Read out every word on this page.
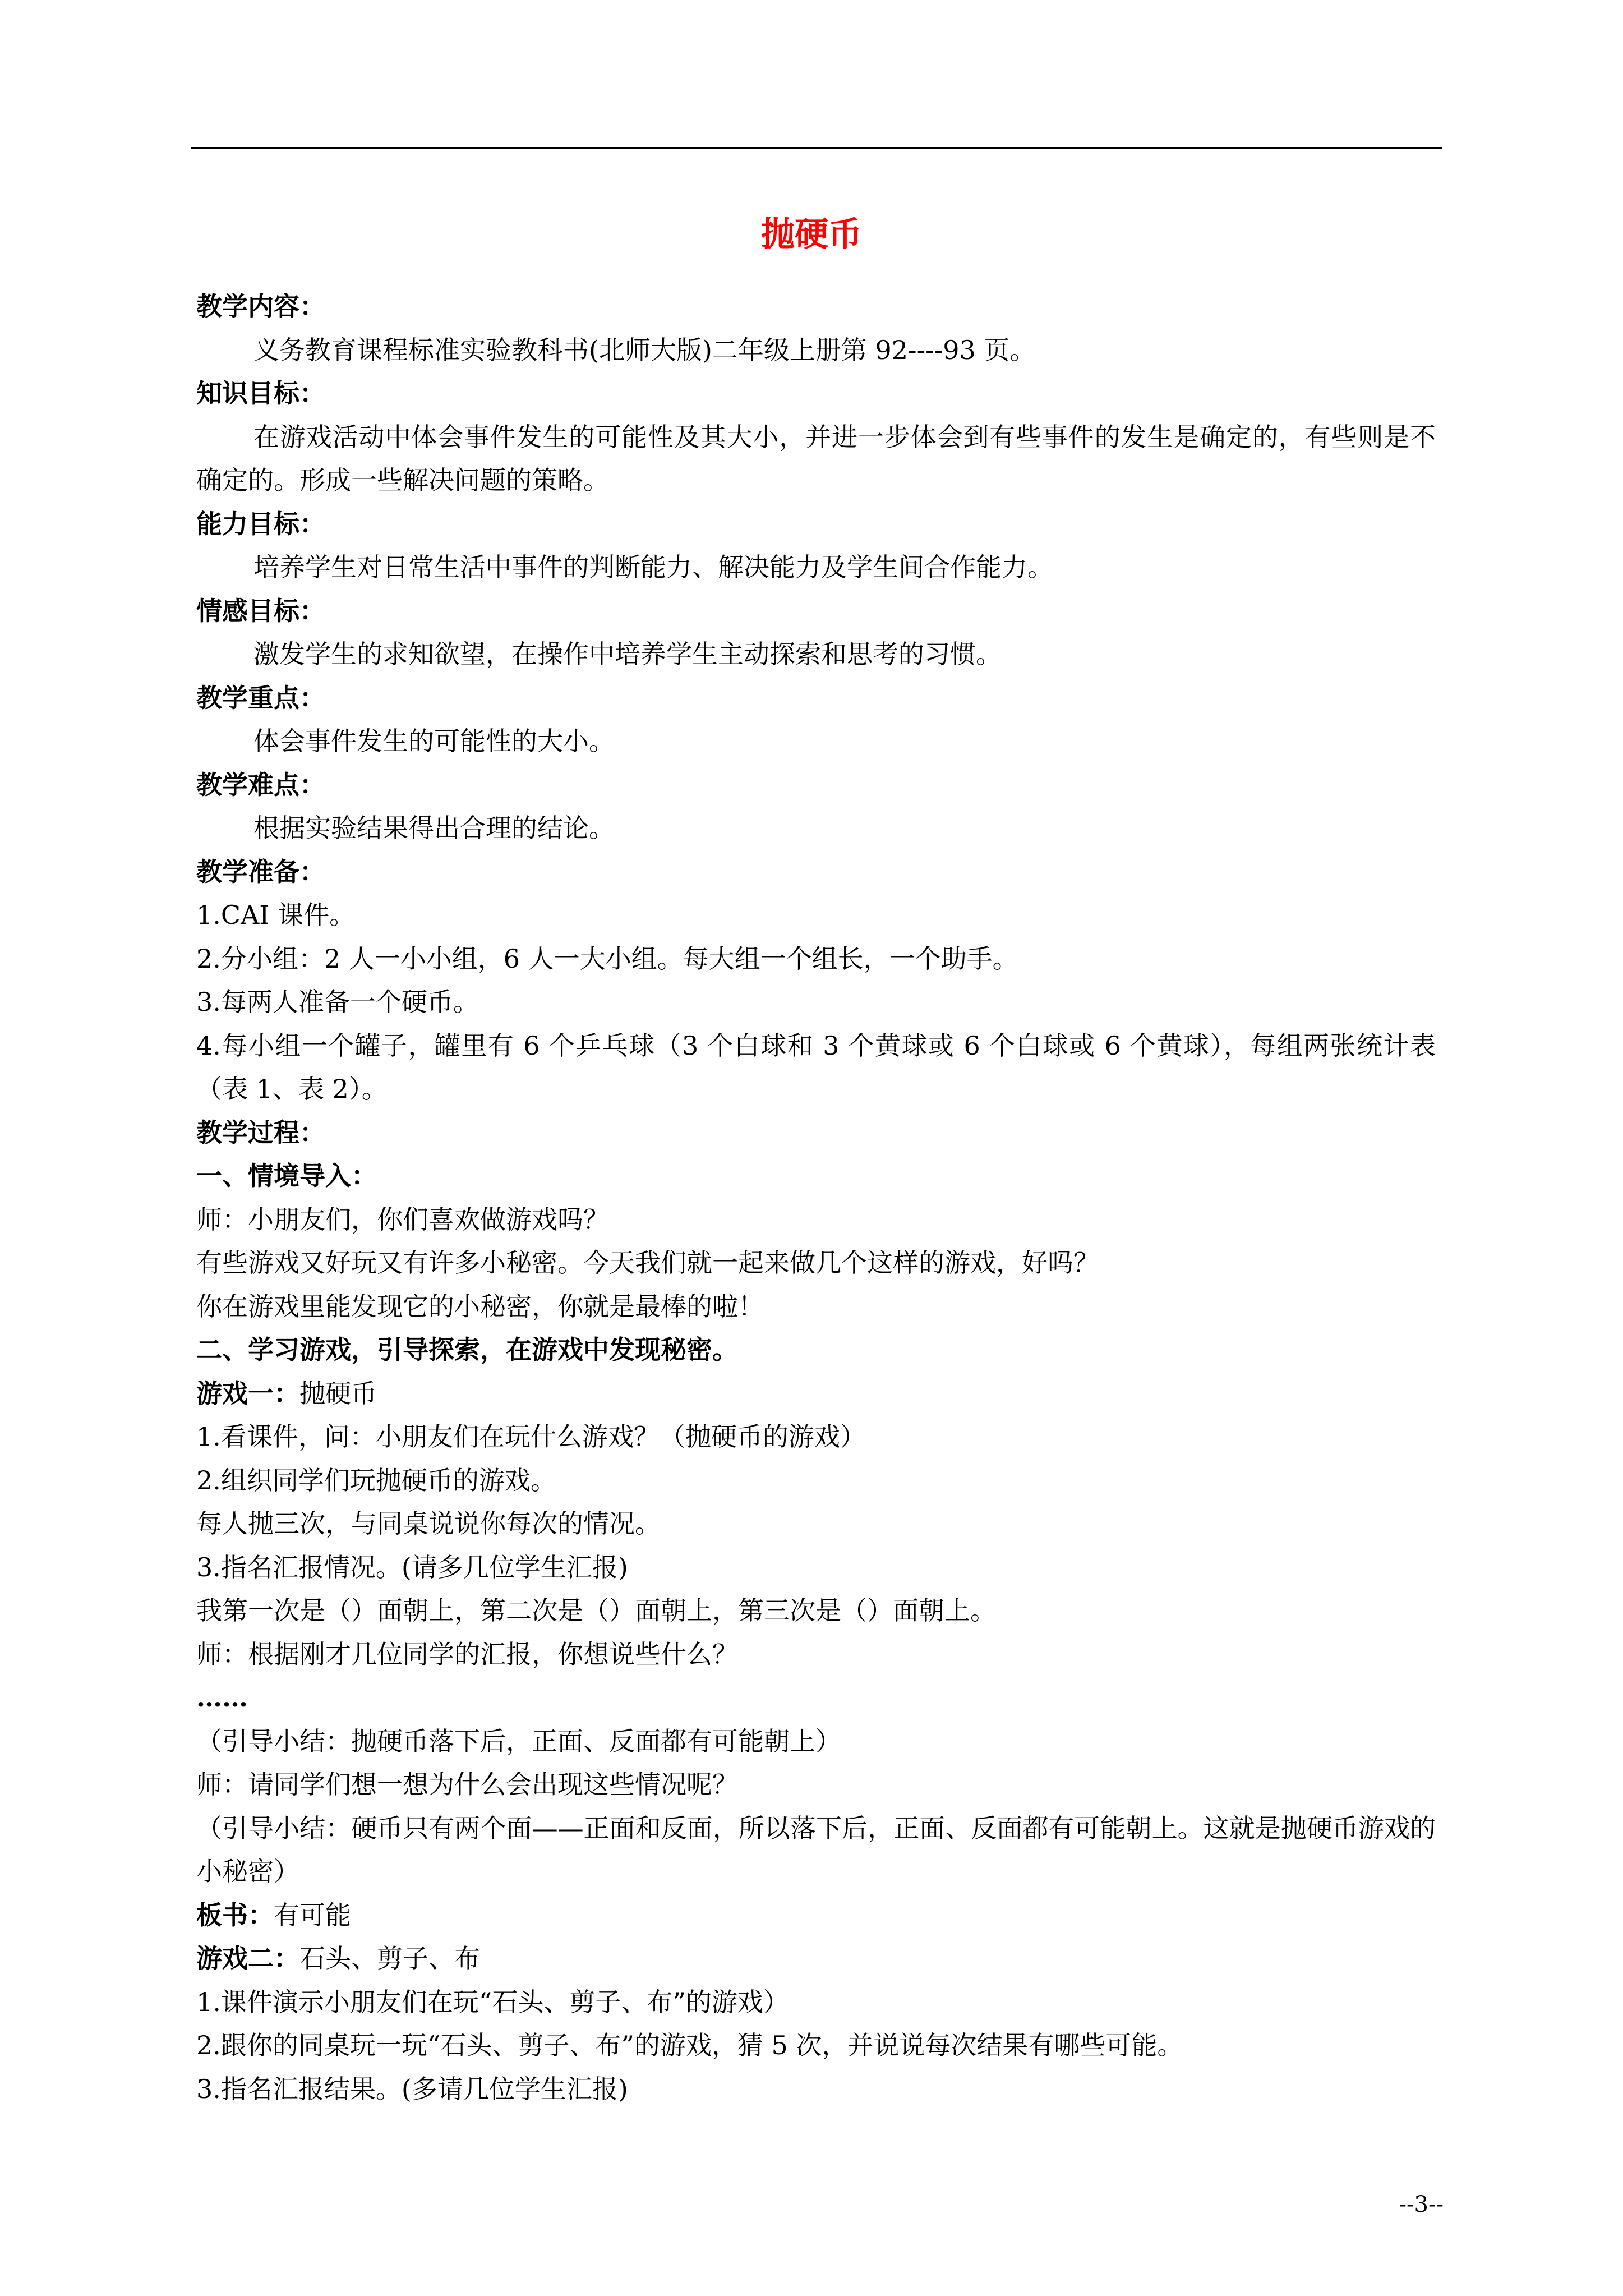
抛硬币
教学内容：
义务教育课程标准实验教科书(北师大版)二年级上册第 92----93 页。
知识目标：
在游戏活动中体会事件发生的可能性及其大小，并进一步体会到有些事件的发生是确定的，有些则是不确定的。形成一些解决问题的策略。
能力目标：
培养学生对日常生活中事件的判断能力、解决能力及学生间合作能力。
情感目标：
激发学生的求知欲望，在操作中培养学生主动探索和思考的习惯。
教学重点：
体会事件发生的可能性的大小。
教学难点：
根据实验结果得出合理的结论。
教学准备：
1.CAI 课件。
2.分小组：2 人一小小组，6 人一大小组。每大组一个组长，一个助手。
3.每两人准备一个硬币。
4.每小组一个罐子，罐里有 6 个乒乓球（3 个白球和 3 个黄球或 6 个白球或 6 个黄球），每组两张统计表（表 1、表 2）。
教学过程：
一、情境导入：
师：小朋友们，你们喜欢做游戏吗？
有些游戏又好玩又有许多小秘密。今天我们就一起来做几个这样的游戏，好吗？
你在游戏里能发现它的小秘密，你就是最棒的啦！
二、学习游戏，引导探索，在游戏中发现秘密。
游戏一：抛硬币
1.看课件，问：小朋友们在玩什么游戏？（抛硬币的游戏）
2.组织同学们玩抛硬币的游戏。
每人抛三次，与同桌说说你每次的情况。
3.指名汇报情况。(请多几位学生汇报)
我第一次是（）面朝上，第二次是（）面朝上，第三次是（）面朝上。
师：根据刚才几位同学的汇报，你想说些什么？
……
（引导小结：抛硬币落下后，正面、反面都有可能朝上）
师：请同学们想一想为什么会出现这些情况呢？
（引导小结：硬币只有两个面——正面和反面，所以落下后，正面、反面都有可能朝上。这就是抛硬币游戏的小秘密）
板书：有可能
游戏二：石头、剪子、布
1.课件演示小朋友们在玩“石头、剪子、布”的游戏）
2.跟你的同桌玩一玩“石头、剪子、布”的游戏，猜 5 次，并说说每次结果有哪些可能。
3.指名汇报结果。(多请几位学生汇报)
--3--
